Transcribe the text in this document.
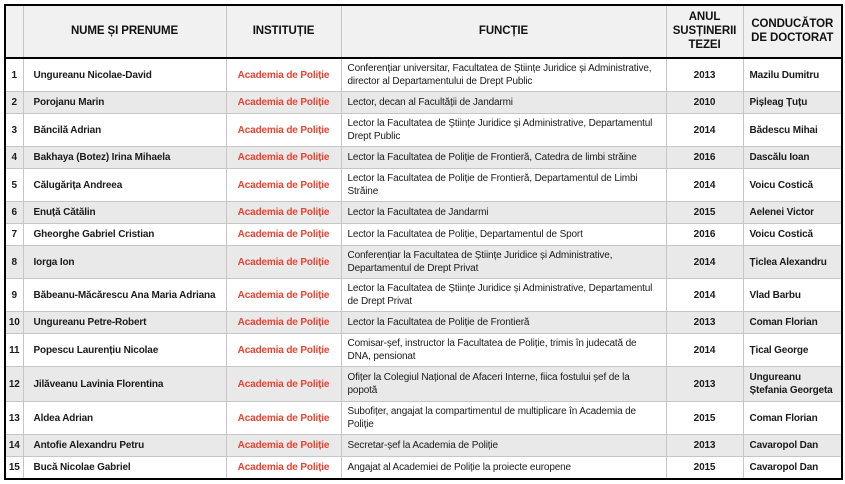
	NUME ȘI PRENUME	INSTITUȚIE	FUNCȚIE	ANUL SUSȚINERII TEZEI	CONDUCĂTOR DE DOCTORAT
1	Ungureanu Nicolae-David	Academia de Poliție	Conferențiar universitar, Facultatea de Științe Juridice și Administrative, director al Departamentului de Drept Public	2013	Mazilu Dumitru
2	Porojanu Marin	Academia de Poliție	Lector, decan al Facultății de Jandarmi	2010	Pișleag Țuțu
3	Băncilă Adrian	Academia de Poliție	Lector la Facultatea de Științe Juridice și Administrative, Departamentul Drept Public	2014	Bădescu Mihai
4	Bakhaya (Botez) Irina Mihaela	Academia de Poliție	Lector la Facultatea de Poliție de Frontieră, Catedra de limbi străine	2016	Dascălu Ioan
5	Călugărița Andreea	Academia de Poliție	Lector la Facultatea de Poliție de Frontieră, Departamentul de Limbi Străine	2014	Voicu Costică
6	Enuță Cătălin	Academia de Poliție	Lector la Facultatea de Jandarmi	2015	Aelenei Victor
7	Gheorghe Gabriel Cristian	Academia de Poliție	Lector la Facultatea de Poliție, Departamentul de Sport	2016	Voicu Costică
8	Iorga Ion	Academia de Poliție	Conferențiar la Facultatea de Științe Juridice și Administrative, Departamentul de Drept Privat	2014	Țiclea Alexandru
9	Băbeanu-Măcărescu Ana Maria Adriana	Academia de Poliție	Lector la Facultatea de Științe Juridice și Administrative, Departamentul de Drept Privat	2014	Vlad Barbu
10	Ungureanu Petre-Robert	Academia de Poliție	Lector la Facultatea de Poliție de Frontieră	2013	Coman Florian
11	Popescu Laurențiu Nicolae	Academia de Poliție	Comisar-șef, instructor la Facultatea de Poliție, trimis în judecată de DNA, pensionat	2014	Țical George
12	Jilăveanu Lavinia Florentina	Academia de Poliție	Ofițer la Colegiul Național de Afaceri Interne, fiica fostului șef de la popotă	2013	Ungureanu Ștefania Georgeta
13	Aldea Adrian	Academia de Poliție	Subofițer, angajat la compartimentul de multiplicare în Academia de Poliție	2015	Coman Florian
14	Antofie Alexandru Petru	Academia de Poliție	Secretar-șef la Academia de Poliție	2013	Cavaropol Dan
15	Bucă Nicolae Gabriel	Academia de Poliție	Angajat al Academiei de Poliție la proiecte europene	2015	Cavaropol Dan
